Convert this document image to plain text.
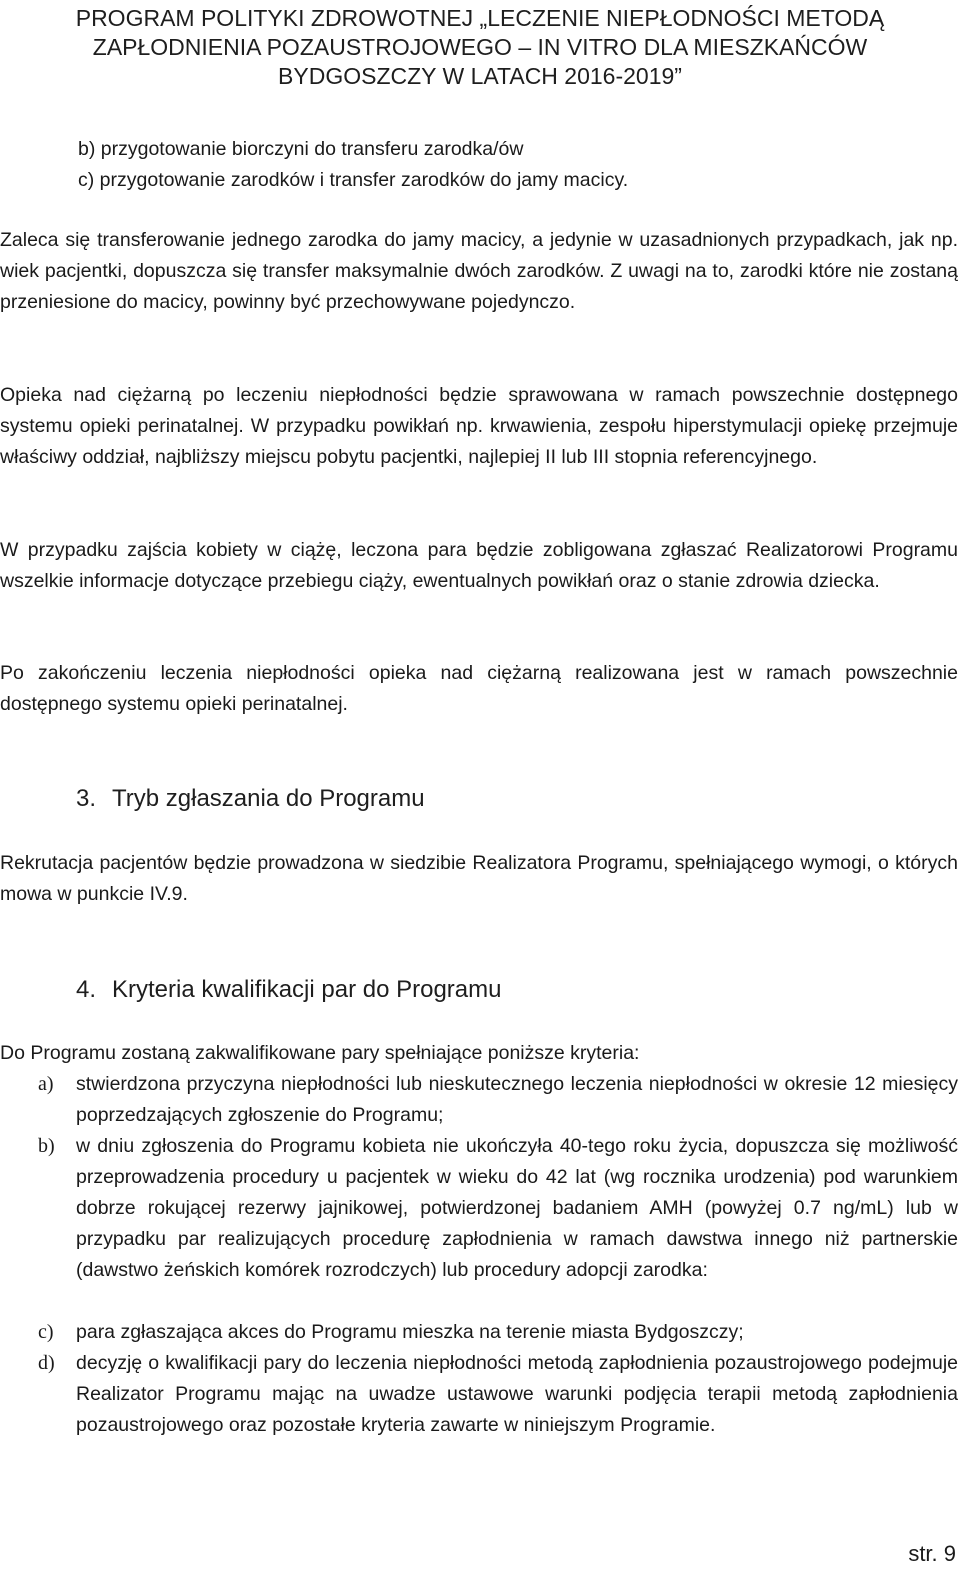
PROGRAM POLITYKI ZDROWOTNEJ „LECZENIE NIEPŁODNOŚCI METODĄ
ZAPŁODNIENIA POZAUSTROJOWEGO – IN VITRO DLA MIESZKAŃCÓW
BYDGOSZCZY W LATACH 2016-2019”
b) przygotowanie biorczyni do transferu zarodka/ów
c) przygotowanie zarodków i transfer zarodków do jamy macicy.

Zaleca się transferowanie jednego zarodka do jamy macicy, a jedynie w uzasadnionych przypadkach, jak np. wiek pacjentki, dopuszcza się transfer maksymalnie dwóch zarodków. Z uwagi na to, zarodki które nie zostaną przeniesione do macicy, powinny być przechowywane pojedynczo.

Opieka nad ciężarną po leczeniu niepłodności będzie sprawowana w ramach powszechnie dostępnego systemu opieki perinatalnej. W przypadku powikłań np. krwawienia, zespołu hiperstymulacji opiekę przejmuje właściwy oddział, najbliższy miejscu pobytu pacjentki, najlepiej II lub III stopnia referencyjnego.

W przypadku zajścia kobiety w ciążę, leczona para będzie zobligowana zgłaszać Realizatorowi Programu wszelkie informacje dotyczące przebiegu ciąży, ewentualnych powikłań oraz o stanie zdrowia dziecka.

Po zakończeniu leczenia niepłodności opieka nad ciężarną realizowana jest w ramach powszechnie dostępnego systemu opieki perinatalnej.

3. Tryb zgłaszania do Programu

Rekrutacja pacjentów będzie prowadzona w siedzibie Realizatora Programu, spełniającego wymogi, o których mowa w punkcie IV.9.

4. Kryteria kwalifikacji par do Programu

Do Programu zostaną zakwalifikowane pary spełniające poniższe kryteria:

a) stwierdzona przyczyna niepłodności lub nieskutecznego leczenia niepłodności w okresie 12 miesięcy poprzedzających zgłoszenie do Programu;
b) w dniu zgłoszenia do Programu kobieta nie ukończyła 40-tego roku życia, dopuszcza się możliwość przeprowadzenia procedury u pacjentek w wieku do 42 lat (wg rocznika urodzenia) pod warunkiem dobrze rokującej rezerwy jajnikowej, potwierdzonej badaniem AMH (powyżej 0.7 ng/mL) lub w przypadku par realizujących procedurę zapłodnienia w ramach dawstwa innego niż partnerskie (dawstwo żeńskich komórek rozrodczych) lub procedury adopcji zarodka:
c) para zgłaszająca akces do Programu mieszka na terenie miasta Bydgoszczy;
d) decyzję o kwalifikacji pary do leczenia niepłodności metodą zapłodnienia pozaustrojowego podejmuje Realizator Programu mając na uwadze ustawowe warunki podjęcia terapii metodą zapłodnienia pozaustrojowego oraz pozostałe kryteria zawarte w niniejszym Programie.
str. 9
